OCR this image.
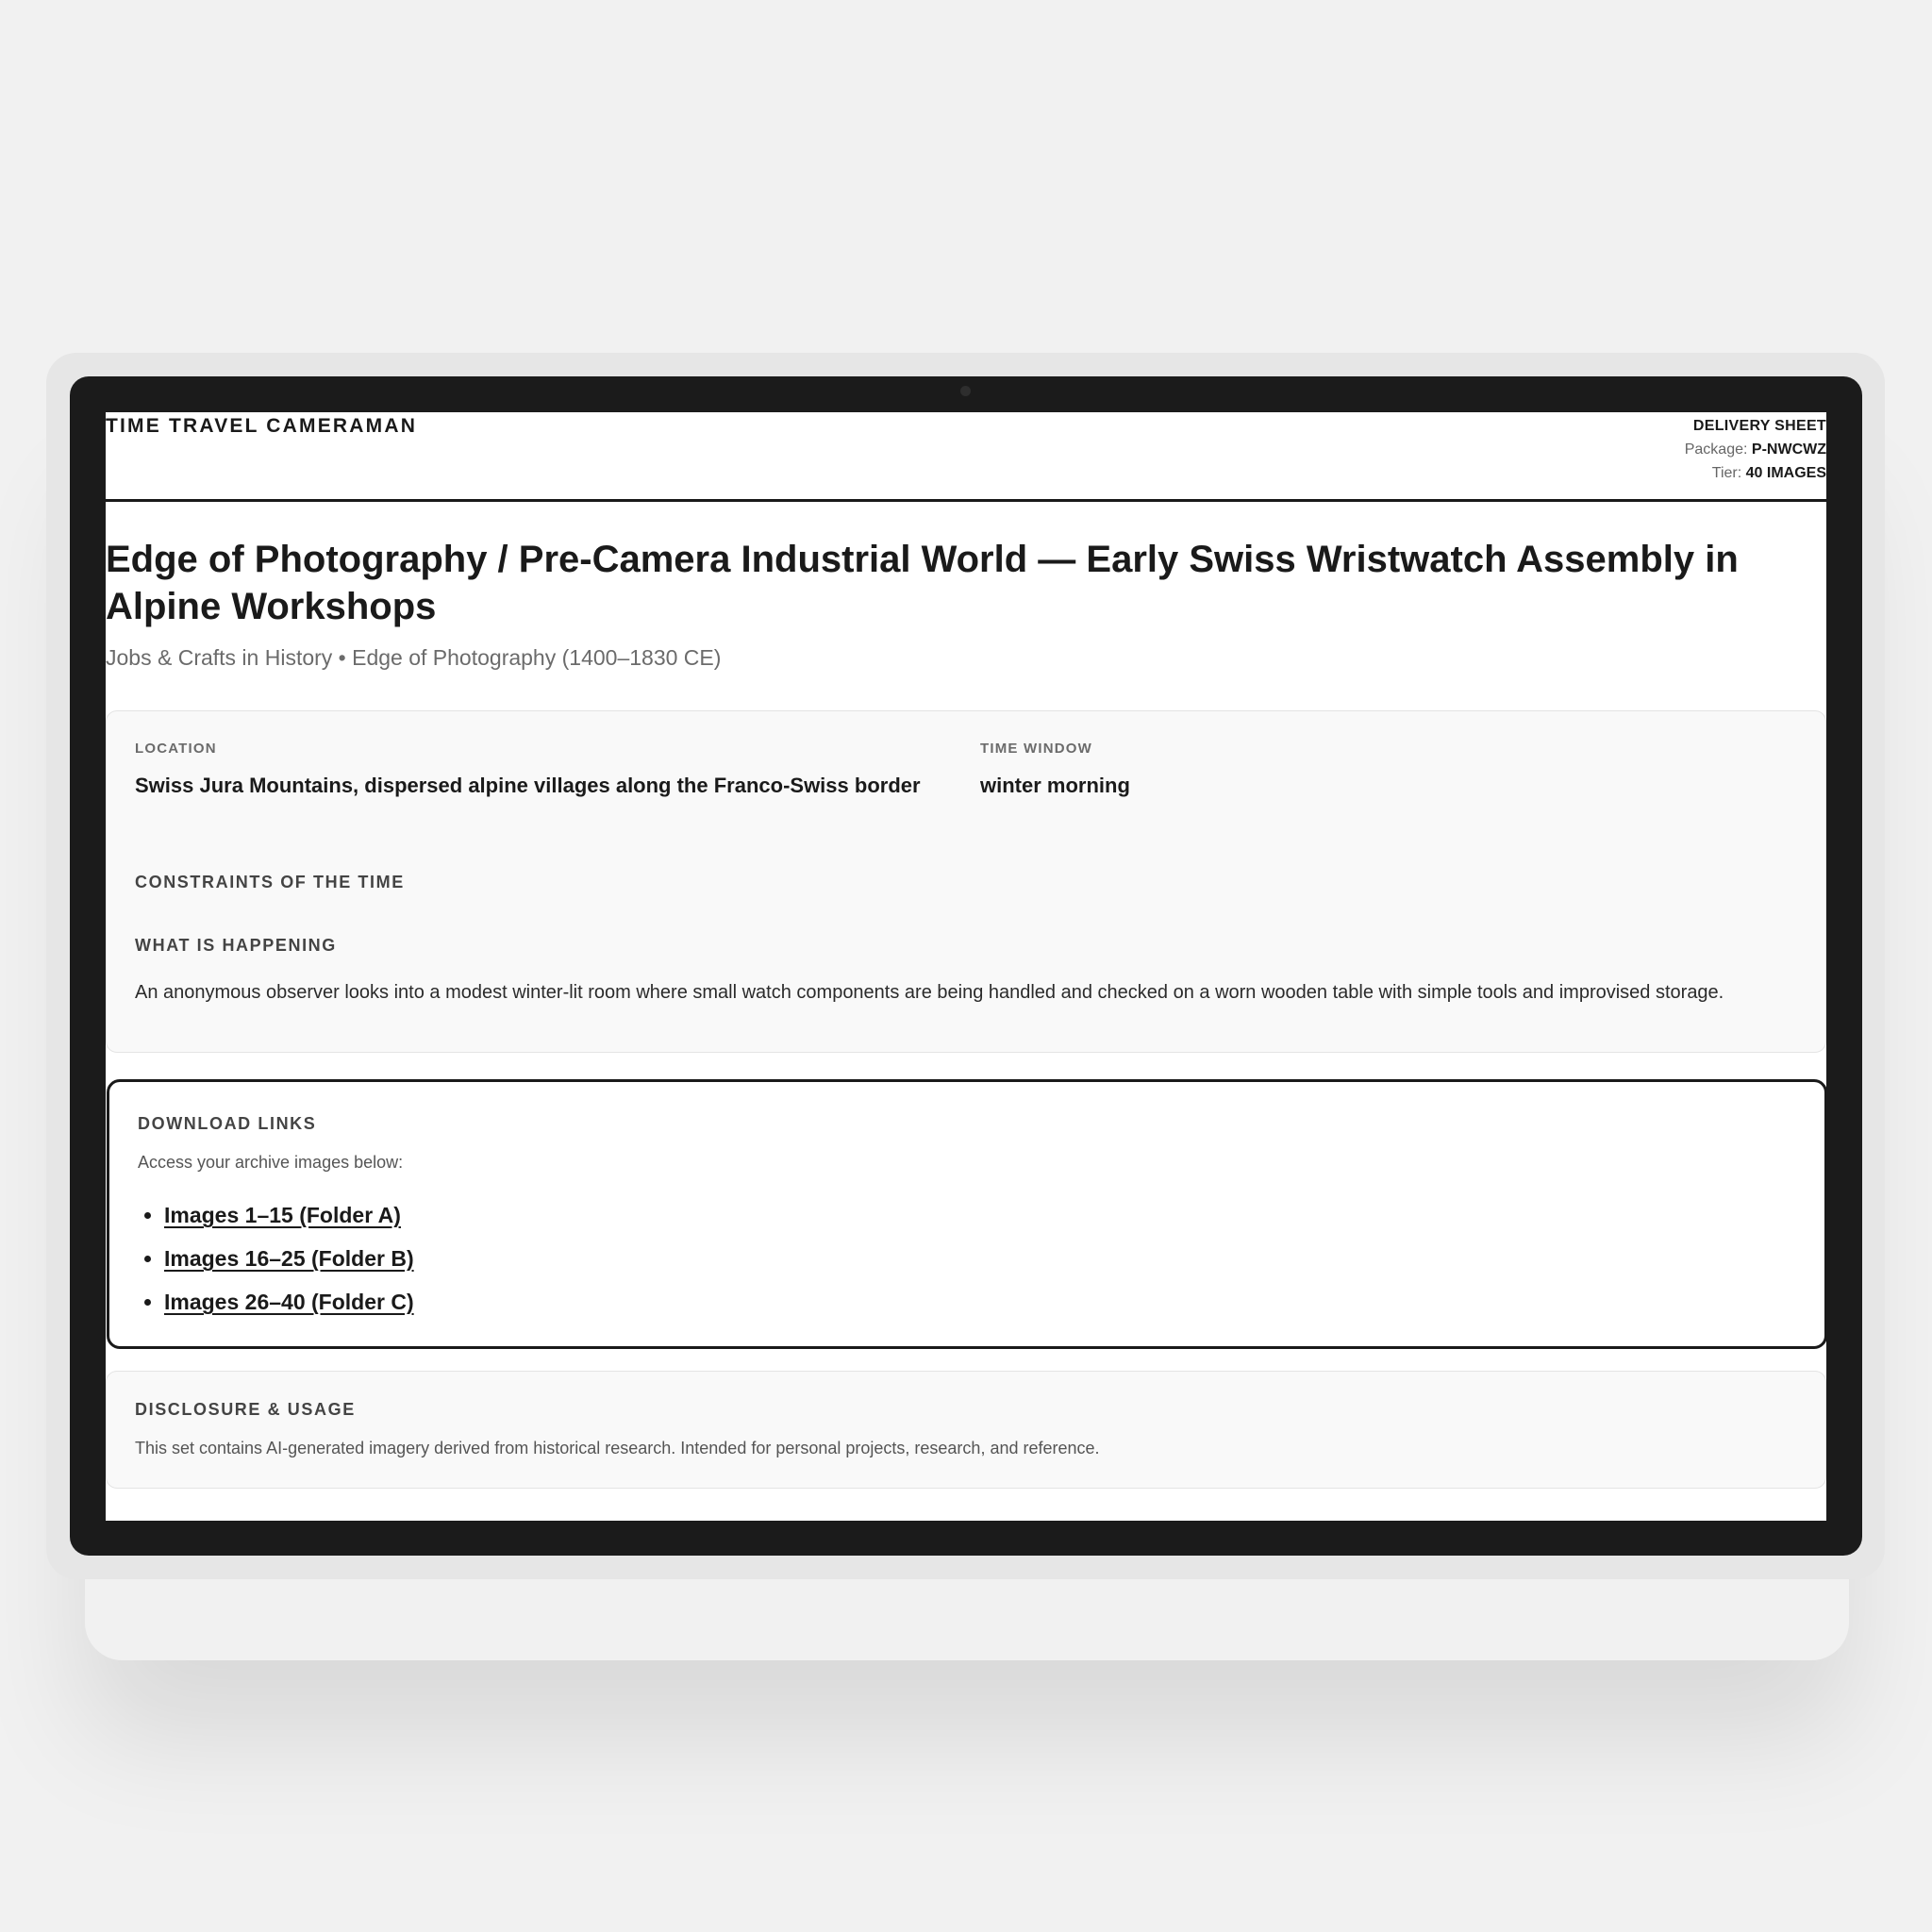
TIME TRAVEL CAMERAMAN	DELIVERY SHEET
Package: P-NWCWZ
Tier: 40 IMAGES
Edge of Photography / Pre-Camera Industrial World — Early Swiss Wristwatch Assembly in Alpine Workshops
Jobs & Crafts in History • Edge of Photography (1400–1830 CE)
LOCATION
Swiss Jura Mountains, dispersed alpine villages along the Franco-Swiss border
TIME WINDOW
winter morning
CONSTRAINTS OF THE TIME
WHAT IS HAPPENING
An anonymous observer looks into a modest winter-lit room where small watch components are being handled and checked on a worn wooden table with simple tools and improvised storage.
DOWNLOAD LINKS
Access your archive images below:
• Images 1–15 (Folder A)
• Images 16–25 (Folder B)
• Images 26–40 (Folder C)
DISCLOSURE & USAGE
This set contains AI-generated imagery derived from historical research. Intended for personal projects, research, and reference.
